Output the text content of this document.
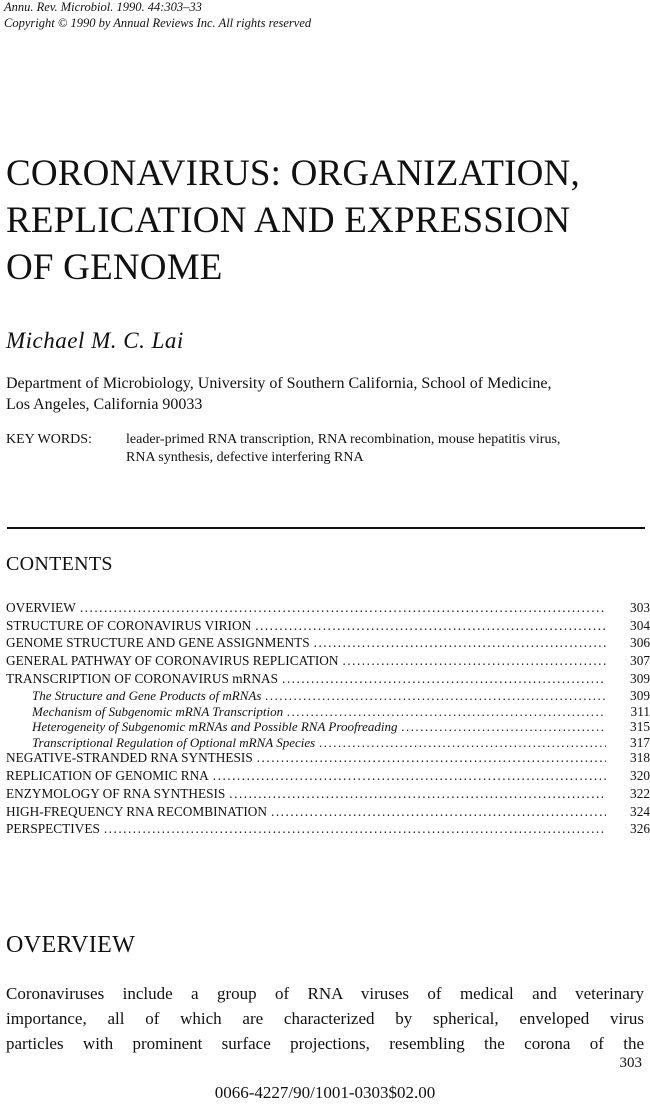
Annu. Rev. Microbiol. 1990. 44:303–33
Copyright © 1990 by Annual Reviews Inc. All rights reserved
CORONAVIRUS: ORGANIZATION,
REPLICATION AND EXPRESSION
OF GENOME
Michael M. C. Lai
Department of Microbiology, University of Southern California, School of Medicine,
Los Angeles, California 90033
KEY WORDS: leader-primed RNA transcription, RNA recombination, mouse hepatitis virus,
RNA synthesis, defective interfering RNA
CONTENTS
OVERVIEW .....	303
STRUCTURE OF CORONAVIRUS VIRION .....	304
GENOME STRUCTURE AND GENE ASSIGNMENTS .....	306
GENERAL PATHWAY OF CORONAVIRUS REPLICATION .....	307
TRANSCRIPTION OF CORONAVIRUS mRNAS .....	309
The Structure and Gene Products of mRNAs .....	309
Mechanism of Subgenomic mRNA Transcription .....	311
Heterogeneity of Subgenomic mRNAs and Possible RNA Proofreading .....	315
Transcriptional Regulation of Optional mRNA Species .....	317
NEGATIVE-STRANDED RNA SYNTHESIS .....	318
REPLICATION OF GENOMIC RNA .....	320
ENZYMOLOGY OF RNA SYNTHESIS .....	322
HIGH-FREQUENCY RNA RECOMBINATION .....	324
PERSPECTIVES .....	326
OVERVIEW
Coronaviruses include a group of RNA viruses of medical and veterinary
importance, all of which are characterized by spherical, enveloped virus
particles with prominent surface projections, resembling the corona of the
303
0066-4227/90/1001-0303$02.00
